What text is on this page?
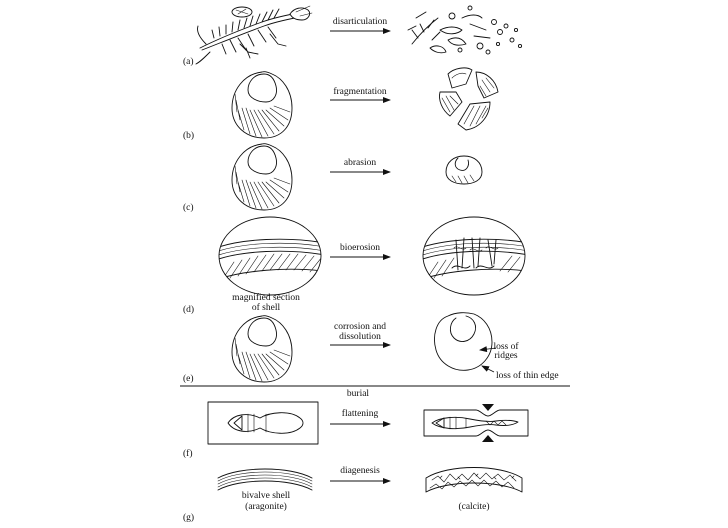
(a)
disarticulation
(b)
fragmentation
(c)
abrasion
(d)
magnified section
of shell
bioerosion
(e)
corrosion and
dissolution
loss of
ridges
loss of thin edge
burial
(f)
flattening
(g)
bivalve shell
(aragonite)
diagenesis
(calcite)
